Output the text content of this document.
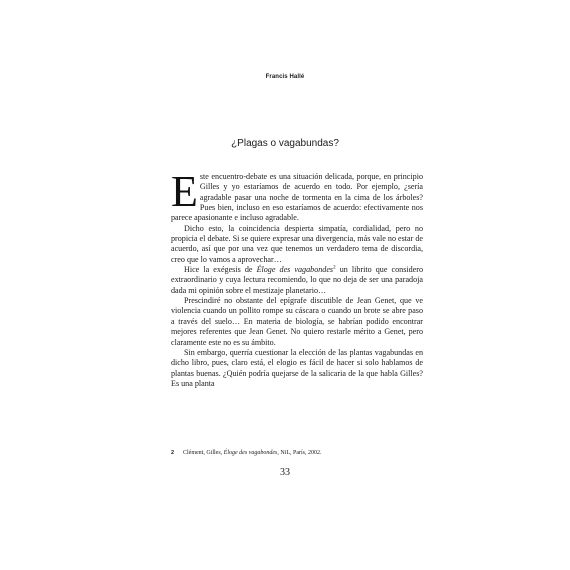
Francis Hallé
¿Plagas o vagabundas?

Este encuentro-debate es una situación delicada, porque, en principio Gilles y yo estaríamos de acuerdo en todo. Por ejemplo, ¿sería agradable pasar una noche de tormenta en la cima de los árboles? Pues bien, incluso en eso estaríamos de acuerdo: efectivamente nos parece apasionante e incluso agradable.

Dicho esto, la coincidencia despierta simpatía, cordialidad, pero no propicia el debate. Si se quiere expresar una divergencia, más vale no estar de acuerdo, así que por una vez que tenemos un verdadero tema de discordia, creo que lo vamos a aprovechar…

Hice la exégesis de Éloge des vagabondes$^2$ un librito que considero extraordinario y cuya lectura recomiendo, lo que no deja de ser una paradoja dada mi opinión sobre el mestizaje planetario…

Prescindiré no obstante del epígrafe discutible de Jean Genet, que ve violencia cuando un pollito rompe su cáscara o cuando un brote se abre paso a través del suelo… En materia de biología, se habrían podido encontrar mejores referentes que Jean Genet. No quiero restarle mérito a Genet, pero claramente este no es su ámbito.

Sin embargo, querría cuestionar la elección de las plantas vagabundas en dicho libro, pues, claro está, el elogio es fácil de hacer si solo hablamos de plantas buenas. ¿Quién podría quejarse de la salicaria de la que habla Gilles? Es una planta

2 Clément, Gilles, Éloge des vagabondes, NiL, París, 2002.
33
